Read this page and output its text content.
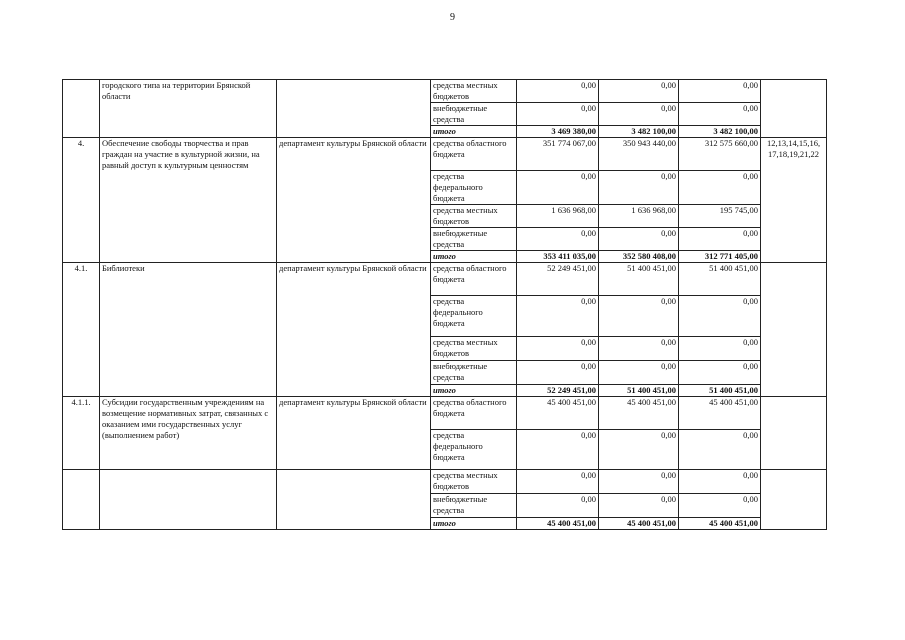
9
	городского типа на территории Брянской области		средства местных бюджетов	0,00	0,00	0,00	
			внебюджетные средства	0,00	0,00	0,00	
			итого	3 469 380,00	3 482 100,00	3 482 100,00	
4.	Обеспечение свободы творчества и прав граждан на участие в культурной жизни, на равный доступ к культурным ценностям	департамент культуры Брянской области	средства областного бюджета	351 774 067,00	350 943 440,00	312 575 660,00	12,13,14,15,16, 17,18,19,21,22
			средства федерального бюджета	0,00	0,00	0,00	
			средства местных бюджетов	1 636 968,00	1 636 968,00	195 745,00	
			внебюджетные средства	0,00	0,00	0,00	
			итого	353 411 035,00	352 580 408,00	312 771 405,00	
4.1.	Библиотеки	департамент культуры Брянской области	средства областного бюджета	52 249 451,00	51 400 451,00	51 400 451,00	
			средства федерального бюджета	0,00	0,00	0,00	
			средства местных бюджетов	0,00	0,00	0,00	
			внебюджетные средства	0,00	0,00	0,00	
			итого	52 249 451,00	51 400 451,00	51 400 451,00	
4.1.1.	Субсидии государственным учреждениям на возмещение нормативных затрат, связанных с оказанием ими государственных услуг (выполнением работ)	департамент культуры Брянской области	средства областного бюджета	45 400 451,00	45 400 451,00	45 400 451,00	
			средства федерального бюджета	0,00	0,00	0,00	
			средства местных бюджетов	0,00	0,00	0,00	
			внебюджетные средства	0,00	0,00	0,00	
			итого	45 400 451,00	45 400 451,00	45 400 451,00	
